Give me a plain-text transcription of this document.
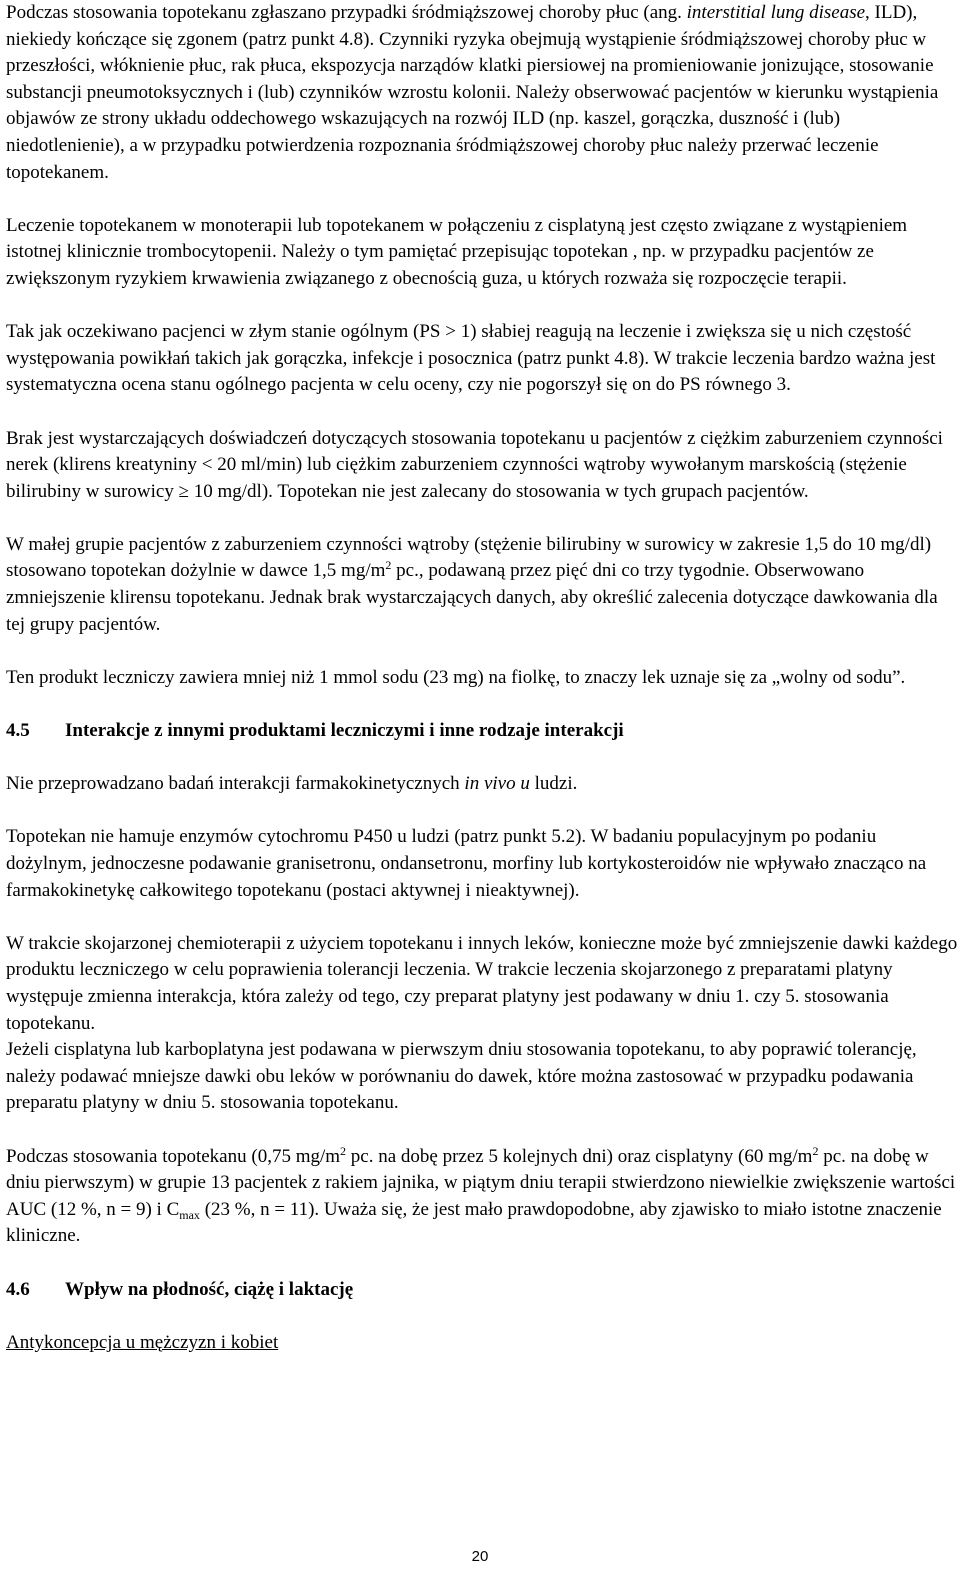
Podczas stosowania topotekanu zgłaszano przypadki śródmiąższowej choroby płuc (ang. interstitial lung disease, ILD), niekiedy kończące się zgonem (patrz punkt 4.8). Czynniki ryzyka obejmują wystąpienie śródmiąższowej choroby płuc w przeszłości, włóknienie płuc, rak płuca, ekspozycja narządów klatki piersiowej na promieniowanie jonizujące, stosowanie substancji pneumotoksycznych i (lub) czynników wzrostu kolonii. Należy obserwować pacjentów w kierunku wystąpienia objawów ze strony układu oddechowego wskazujących na rozwój ILD (np. kaszel, gorączka, duszność i (lub) niedotlenienie), a w przypadku potwierdzenia rozpoznania śródmiąższowej choroby płuc należy przerwać leczenie topotekanem.

Leczenie topotekanem w monoterapii lub topotekanem w połączeniu z cisplatyną jest często związane z wystąpieniem istotnej klinicznie trombocytopenii. Należy o tym pamiętać przepisując topotekan , np. w przypadku pacjentów ze zwiększonym ryzykiem krwawienia związanego z obecnością guza, u których rozważa się rozpoczęcie terapii.

Tak jak oczekiwano pacjenci w złym stanie ogólnym (PS > 1) słabiej reagują na leczenie i zwiększa się u nich częstość występowania powikłań takich jak gorączka, infekcje i posocznica (patrz punkt 4.8). W trakcie leczenia bardzo ważna jest systematyczna ocena stanu ogólnego pacjenta w celu oceny, czy nie pogorszył się on do PS równego 3.

Brak jest wystarczających doświadczeń dotyczących stosowania topotekanu u pacjentów z ciężkim zaburzeniem czynności nerek (klirens kreatyniny < 20 ml/min) lub ciężkim zaburzeniem czynności wątroby wywołanym marskością (stężenie bilirubiny w surowicy ≥ 10 mg/dl). Topotekan nie jest zalecany do stosowania w tych grupach pacjentów.

W małej grupie pacjentów z zaburzeniem czynności wątroby (stężenie bilirubiny w surowicy w zakresie 1,5 do 10 mg/dl) stosowano topotekan dożylnie w dawce 1,5 $mg/m^2$ pc., podawaną przez pięć dni co trzy tygodnie. Obserwowano zmniejszenie klirensu topotekanu. Jednak brak wystarczających danych, aby określić zalecenia dotyczące dawkowania dla tej grupy pacjentów.

Ten produkt leczniczy zawiera mniej niż 1 mmol sodu (23 mg) na fiolkę, to znaczy lek uznaje się za „wolny od sodu”.

4.5 Interakcje z innymi produktami leczniczymi i inne rodzaje interakcji

Nie przeprowadzano badań interakcji farmakokinetycznych in vivo u ludzi.

Topotekan nie hamuje enzymów cytochromu P450 u ludzi (patrz punkt 5.2). W badaniu populacyjnym po podaniu dożylnym, jednoczesne podawanie granisetronu, ondansetronu, morfiny lub kortykosteroidów nie wpływało znacząco na farmakokinetykę całkowitego topotekanu (postaci aktywnej i nieaktywnej).

W trakcie skojarzonej chemioterapii z użyciem topotekanu i innych leków, konieczne może być zmniejszenie dawki każdego produktu leczniczego w celu poprawienia tolerancji leczenia. W trakcie leczenia skojarzonego z preparatami platyny występuje zmienna interakcja, która zależy od tego, czy preparat platyny jest podawany w dniu 1. czy 5. stosowania topotekanu.

Jeżeli cisplatyna lub karboplatyna jest podawana w pierwszym dniu stosowania topotekanu, to aby poprawić tolerancję, należy podawać mniejsze dawki obu leków w porównaniu do dawek, które można zastosować w przypadku podawania preparatu platyny w dniu 5. stosowania topotekanu.

Podczas stosowania topotekanu (0,75 $mg/m^2$ pc. na dobę przez 5 kolejnych dni) oraz cisplatyny (60 $mg/m^2$ pc. na dobę w dniu pierwszym) w grupie 13 pacjentek z rakiem jajnika, w piątym dniu terapii stwierdzono niewielkie zwiększenie wartości AUC (12 %, n = 9) i $C_{max}$ (23 %, n = 11). Uważa się, że jest mało prawdopodobne, aby zjawisko to miało istotne znaczenie kliniczne.

4.6 Wpływ na płodność, ciążę i laktację

Antykoncepcja u mężczyzn i kobiet

20
